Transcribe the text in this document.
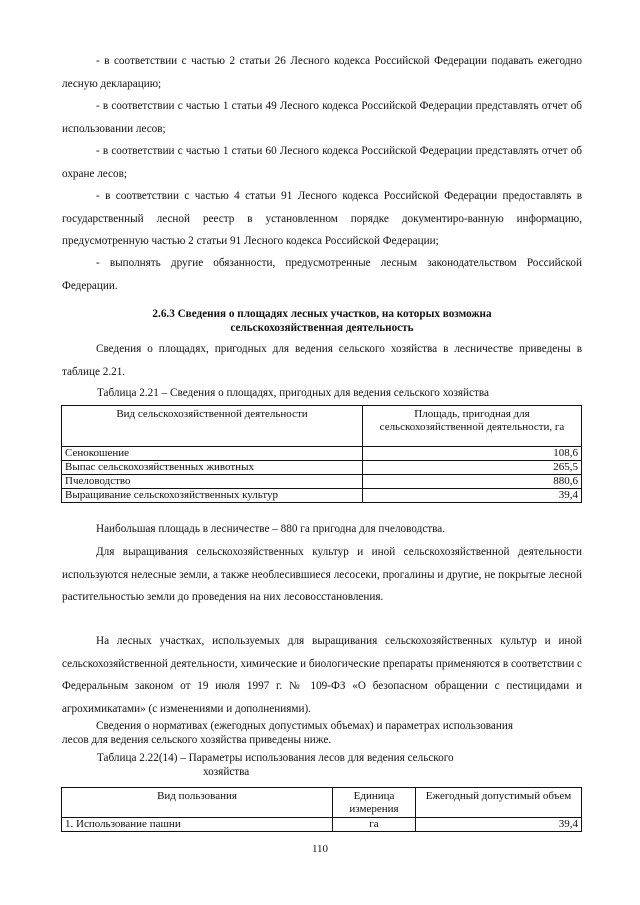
- в соответствии с частью 2 статьи 26 Лесного кодекса Российской Федерации подавать ежегодно лесную декларацию;
- в соответствии с частью 1 статьи 49 Лесного кодекса Российской Федерации представлять отчет об использовании лесов;
- в соответствии с частью 1 статьи 60 Лесного кодекса Российской Федерации представлять отчет об охране лесов;
- в соответствии с частью 4 статьи 91 Лесного кодекса Российской Федерации предоставлять в государственный лесной реестр в установленном порядке документиро-ванную информацию, предусмотренную частью 2 статьи 91 Лесного кодекса Российской Федерации;
- выполнять другие обязанности, предусмотренные лесным законодательством Российской Федерации.
2.6.3 Сведения о площадях лесных участков, на которых возможна
сельскохозяйственная деятельность
Сведения о площадях, пригодных для ведения сельского хозяйства в лесничестве приведены в таблице 2.21.
Таблица 2.21 – Сведения о площадях, пригодных для ведения сельского хозяйства
Вид сельскохозяйственной деятельности	Площадь, пригодная для сельскохозяйственной деятельности, га
Сенокошение	108,6
Выпас сельскохозяйственных животных	265,5
Пчеловодство	880,6
Выращивание сельскохозяйственных культур	39,4
Наибольшая площадь в лесничестве – 880 га пригодна для пчеловодства.
Для выращивания сельскохозяйственных культур и иной сельскохозяйственной деятельности используются нелесные земли, а также необлесившиеся лесосеки, прогалины и другие, не покрытые лесной растительностью земли до проведения на них лесовосстановления.
На лесных участках, используемых для выращивания сельскохозяйственных культур и иной сельскохозяйственной деятельности, химические и биологические препараты применяются в соответствии с Федеральным законом от 19 июля 1997 г. № 109-ФЗ «О безопасном обращении с пестицидами и агрохимикатами» (с изменениями и дополнениями).
Сведения о нормативах (ежегодных допустимых объемах) и параметрах использования
лесов для ведения сельского хозяйства приведены ниже.
Таблица 2.22(14) – Параметры использования лесов для ведения сельского
хозяйства
Вид пользования	Единица измерения	Ежегодный допустимый объем
1. Использование пашни	га	39,4
110
